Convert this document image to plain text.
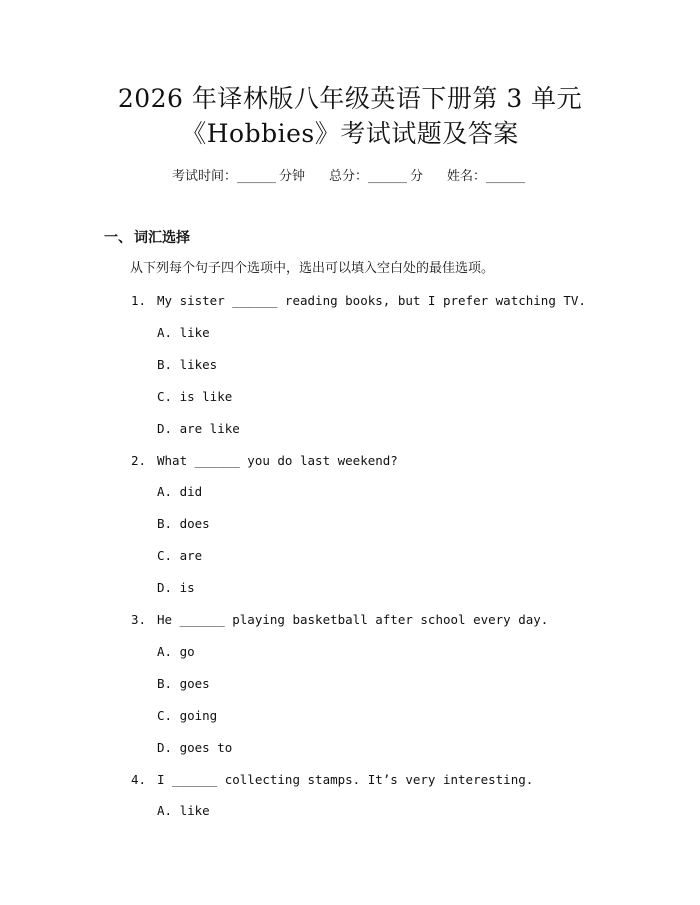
2026 年译林版八年级英语下册第 3 单元
《Hobbies》考试试题及答案
考试时间： ______ 分钟 总分： ______ 分 姓名： ______
一、 词汇选择
从下列每个句子四个选项中，选出可以填入空白处的最佳选项。
1. My sister ______ reading books, but I prefer watching TV.
A. like
B. likes
C. is like
D. are like
2. What ______ you do last weekend?
A. did
B. does
C. are
D. is
3. He ______ playing basketball after school every day.
A. go
B. goes
C. going
D. goes to
4. I ______ collecting stamps. It’s very interesting.
A. like
